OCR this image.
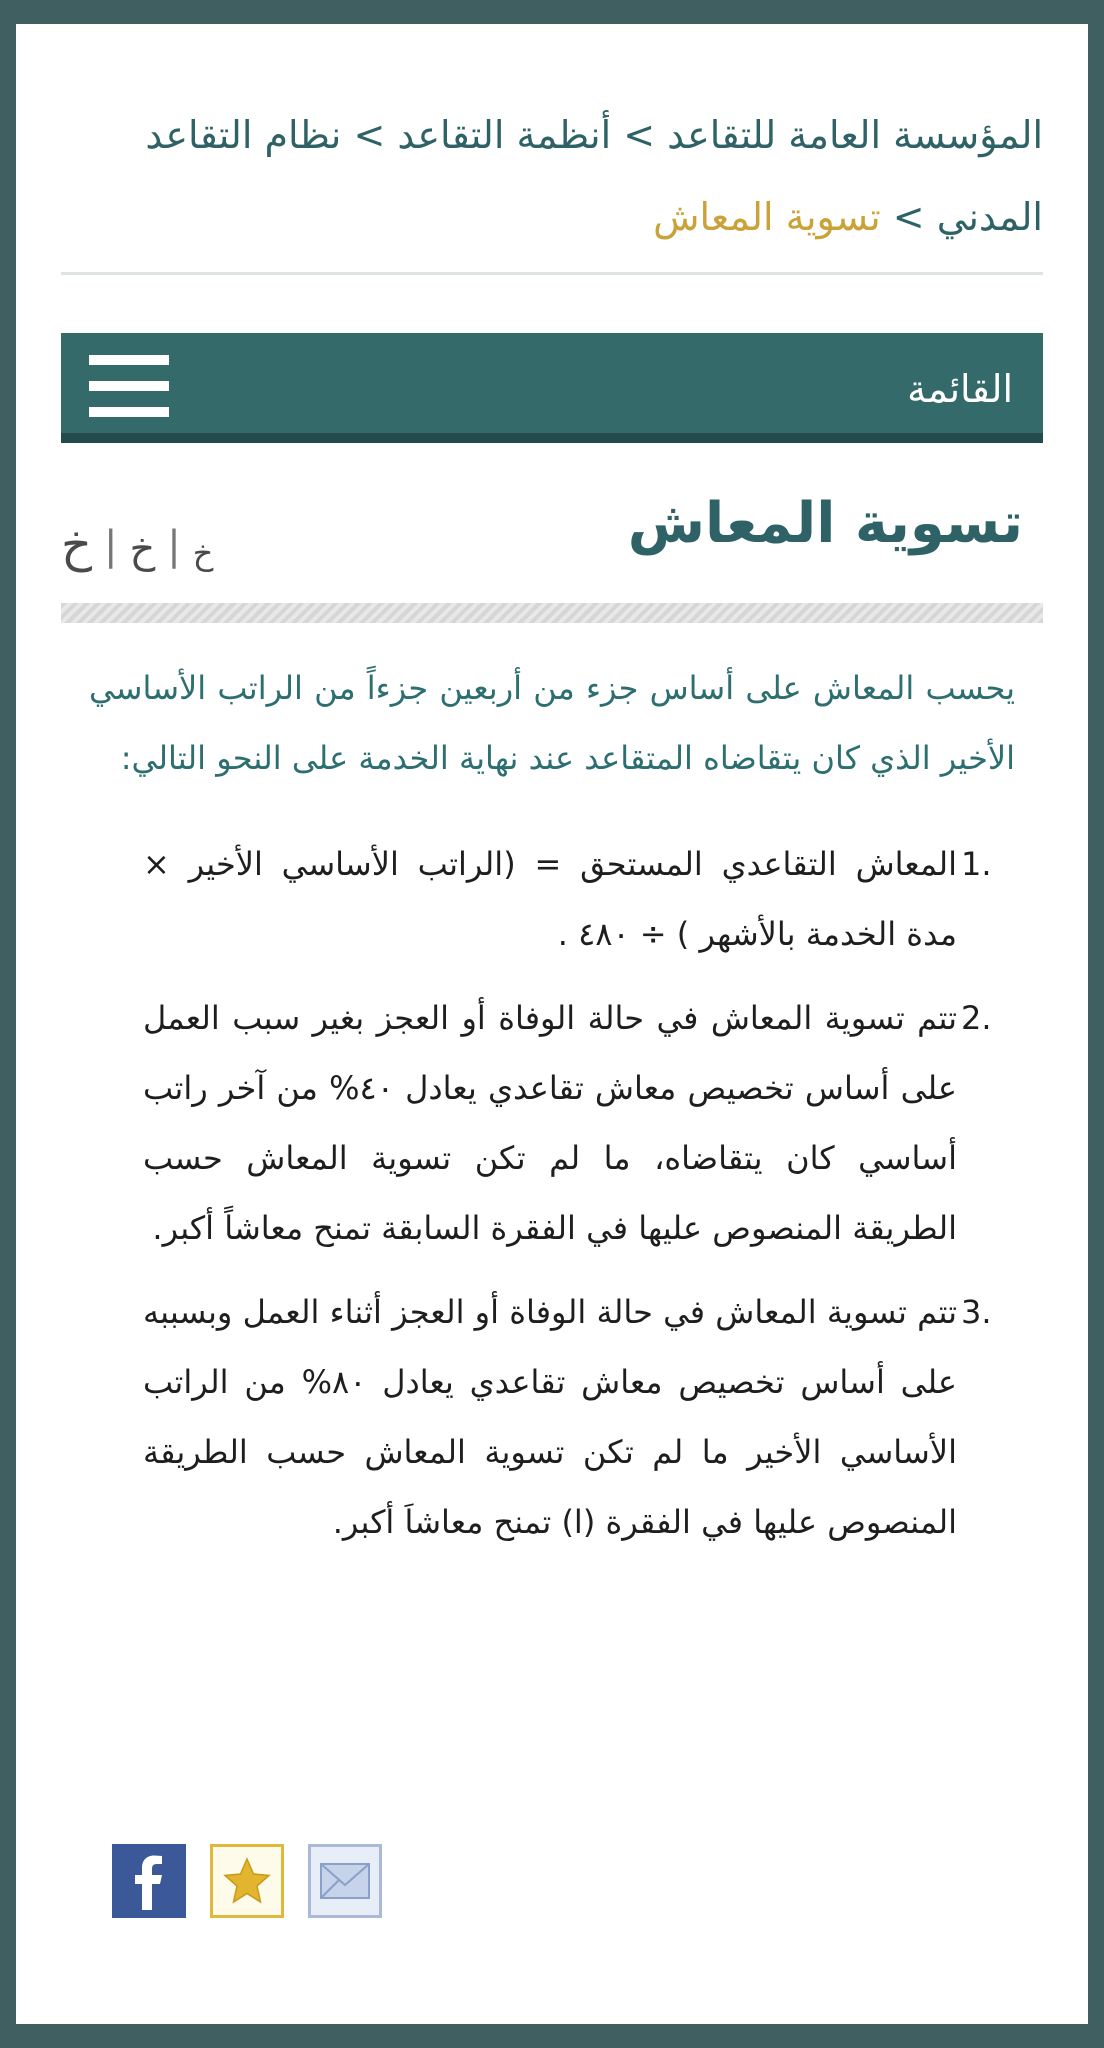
المؤسسة العامة للتقاعد > أنظمة التقاعد > نظام التقاعد المدني > تسوية المعاش
القائمة
تسوية المعاش
خ | خ | خ

يحسب المعاش على أساس جزء من أربعين جزءاً من الراتب الأساسي الأخير الذي كان يتقاضاه المتقاعد عند نهاية الخدمة على النحو التالي:

1.
المعاش التقاعدي المستحق = (الراتب الأساسي الأخير × مدة الخدمة بالأشهر ) ÷ ٤٨٠ .
2.
تتم تسوية المعاش في حالة الوفاة أو العجز بغير سبب العمل على أساس تخصيص معاش تقاعدي يعادل ٤٠% من آخر راتب أساسي كان يتقاضاه، ما لم تكن تسوية المعاش حسب الطريقة المنصوص عليها في الفقرة السابقة تمنح معاشاً أكبر.
3.
تتم تسوية المعاش في حالة الوفاة أو العجز أثناء العمل وبسببه على أساس تخصيص معاش تقاعدي يعادل ٨٠% من الراتب الأساسي الأخير ما لم تكن تسوية المعاش حسب الطريقة المنصوص عليها في الفقرة (ا) تمنح معاشاَ أكبر.
